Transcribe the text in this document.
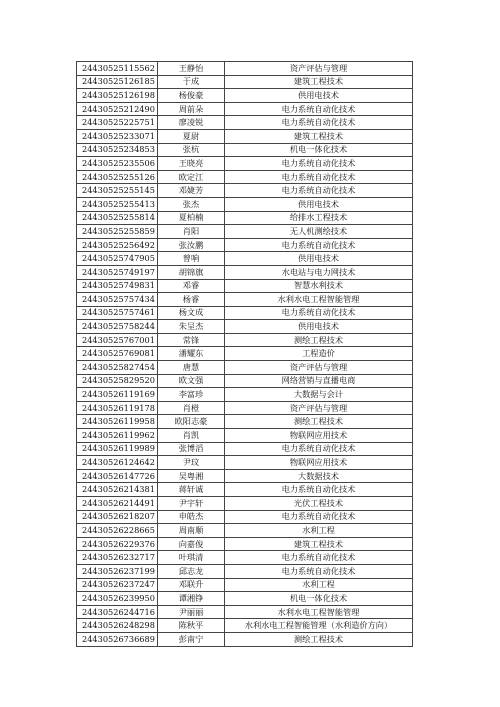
24430525115562	王静怡	资产评估与管理
24430525126185	于成	建筑工程技术
24430525126198	杨俊豪	供用电技术
24430525212490	周前朵	电力系统自动化技术
24430525225751	廖凌锐	电力系统自动化技术
24430525233071	夏尉	建筑工程技术
24430525234853	张杭	机电一体化技术
24430525235506	王晓亮	电力系统自动化技术
24430525255126	欧定江	电力系统自动化技术
24430525255145	邓婕芳	电力系统自动化技术
24430525255413	张杰	供用电技术
24430525255814	夏柏楠	给排水工程技术
24430525255859	肖阳	无人机测绘技术
24430525256492	张汝鹏	电力系统自动化技术
24430525747905	曾响	供用电技术
24430525749197	胡锦旗	水电站与电力网技术
24430525749831	邓睿	智慧水利技术
24430525757434	杨睿	水利水电工程智能管理
24430525757461	杨文成	电力系统自动化技术
24430525758244	朱呈杰	供用电技术
24430525767001	常锋	测绘工程技术
24430525769081	潘耀东	工程造价
24430525827454	唐慧	资产评估与管理
24430525829520	欧文强	网络营销与直播电商
24430526119169	李富珍	大数据与会计
24430526119178	肖橙	资产评估与管理
24430526119958	欧阳志豪	测绘工程技术
24430526119962	肖凯	物联网应用技术
24430526119989	张博滔	电力系统自动化技术
24430526124642	尹玟	物联网应用技术
24430526147726	吴粤湘	大数据技术
24430526214381	蒋轩诚	电力系统自动化技术
24430526214491	尹宇轩	光伏工程技术
24430526218207	申皓杰	电力系统自动化技术
24430526228665	周南顺	水利工程
24430526229376	向嘉俊	建筑工程技术
24430526232717	叶琪清	电力系统自动化技术
24430526237199	邱志龙	电力系统自动化技术
24430526237247	邓联升	水利工程
24430526239950	谭湘铮	机电一体化技术
24430526244716	尹丽丽	水利水电工程智能管理
24430526248298	陈秋平	水利水电工程智能管理（水利造价方向）
24430526736689	彭南宁	测绘工程技术
